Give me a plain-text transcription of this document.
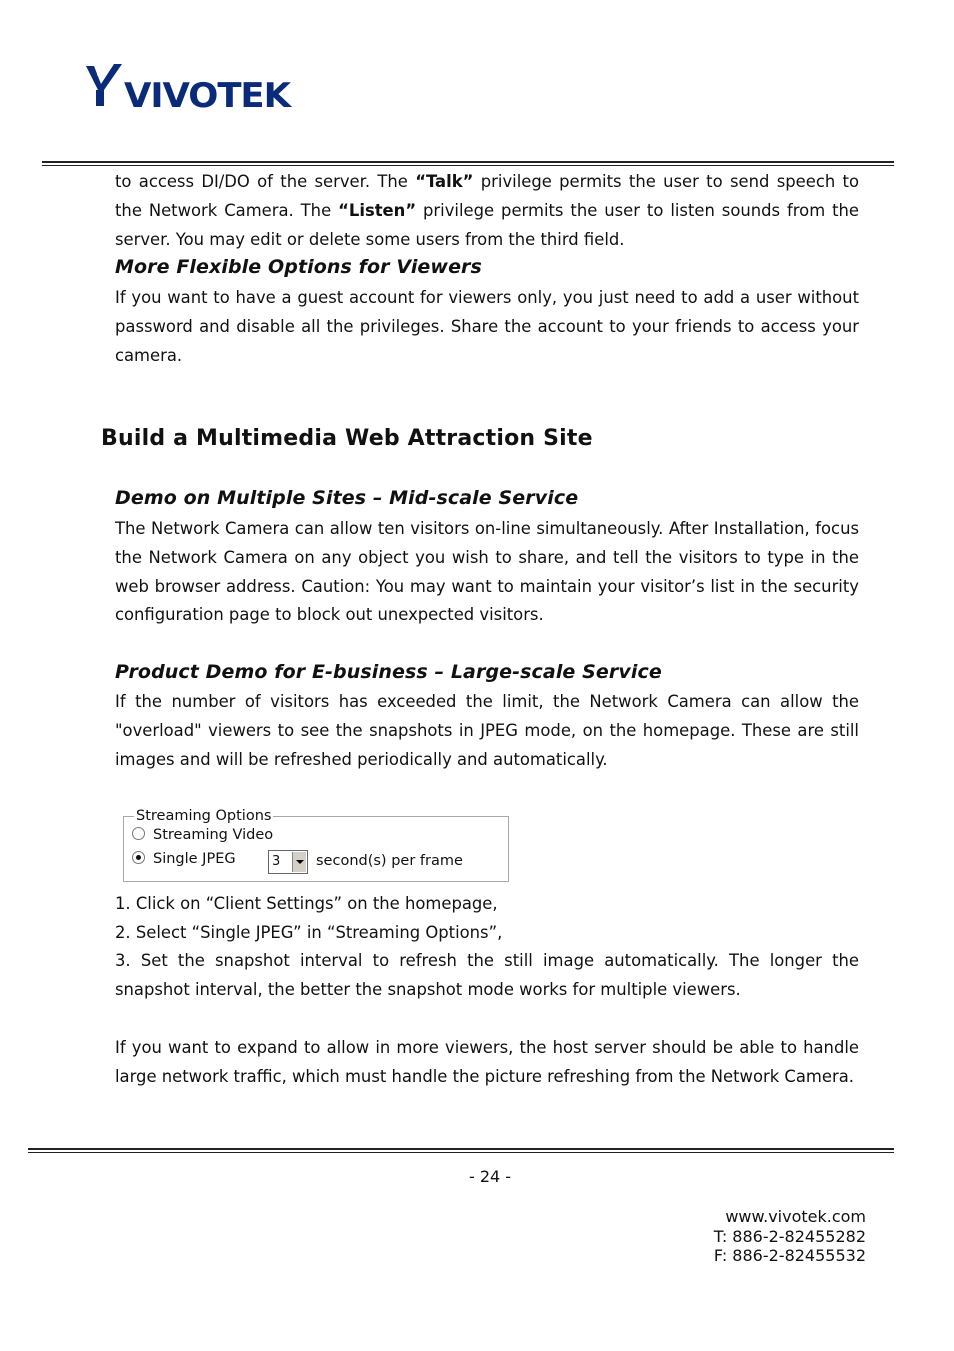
VIVOTEK
to access DI/DO of the server. The “Talk” privilege permits the user to send speech to the Network Camera. The “Listen” privilege permits the user to listen sounds from the server. You may edit or delete some users from the third field.
More Flexible Options for Viewers
If you want to have a guest account for viewers only, you just need to add a user without password and disable all the privileges. Share the account to your friends to access your camera.
Build a Multimedia Web Attraction Site
Demo on Multiple Sites – Mid-scale Service
The Network Camera can allow ten visitors on-line simultaneously. After Installation, focus the Network Camera on any object you wish to share, and tell the visitors to type in the web browser address. Caution: You may want to maintain your visitor’s list in the security configuration page to block out unexpected visitors.
Product Demo for E-business – Large-scale Service
If the number of visitors has exceeded the limit, the Network Camera can allow the "overload" viewers to see the snapshots in JPEG mode, on the homepage. These are still images and will be refreshed periodically and automatically.
Streaming Options
Streaming Video
Single JPEG	3 second(s) per frame
1. Click on “Client Settings” on the homepage,
2. Select “Single JPEG” in “Streaming Options”,
3. Set the snapshot interval to refresh the still image automatically. The longer the snapshot interval, the better the snapshot mode works for multiple viewers.
If you want to expand to allow in more viewers, the host server should be able to handle large network traffic, which must handle the picture refreshing from the Network Camera.
- 24 -
www.vivotek.com
T: 886-2-82455282
F: 886-2-82455532
